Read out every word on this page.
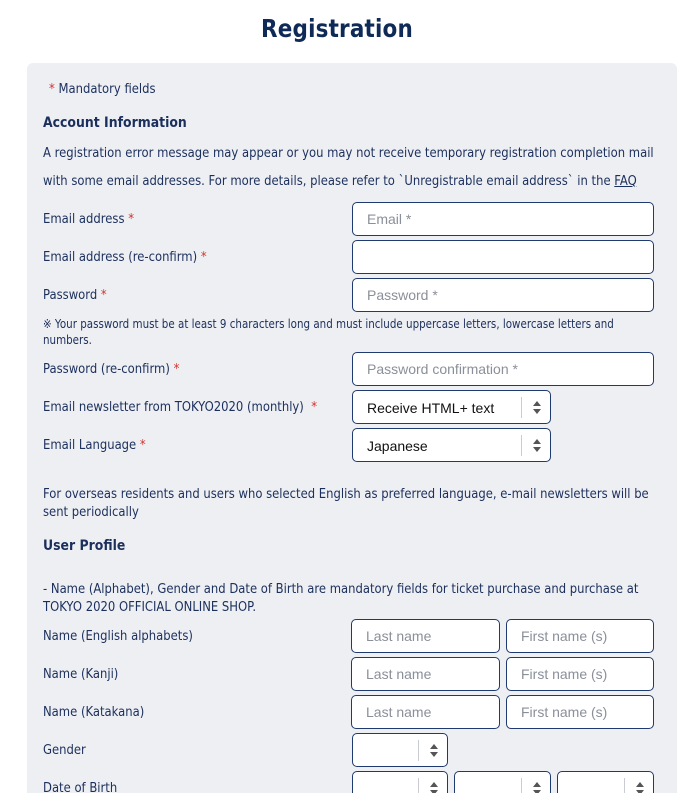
Registration
* Mandatory fields
Account Information
A registration error message may appear or you may not receive temporary registration completion mail with some email addresses. For more details, please refer to `Unregistrable email address` in the FAQ
Email address *
Email *
Email address (re-confirm) *
Password *
※ Your password must be at least 9 characters long and must include uppercase letters, lowercase letters and numbers.
Password (re-confirm) *
Email newsletter from TOKYO2020 (monthly) *	Receive HTML+ text
Email Language *	Japanese
For overseas residents and users who selected English as preferred language, e-mail newsletters will be sent periodically
User Profile
- Name (Alphabet), Gender and Date of Birth are mandatory fields for ticket purchase and purchase at TOKYO 2020 OFFICIAL ONLINE SHOP.
Name (English alphabets)
Last name
First name (s)
Name (Kanji)
Last name
First name (s)
Name (Katakana)
Last name
First name (s)
Gender
Date of Birth
